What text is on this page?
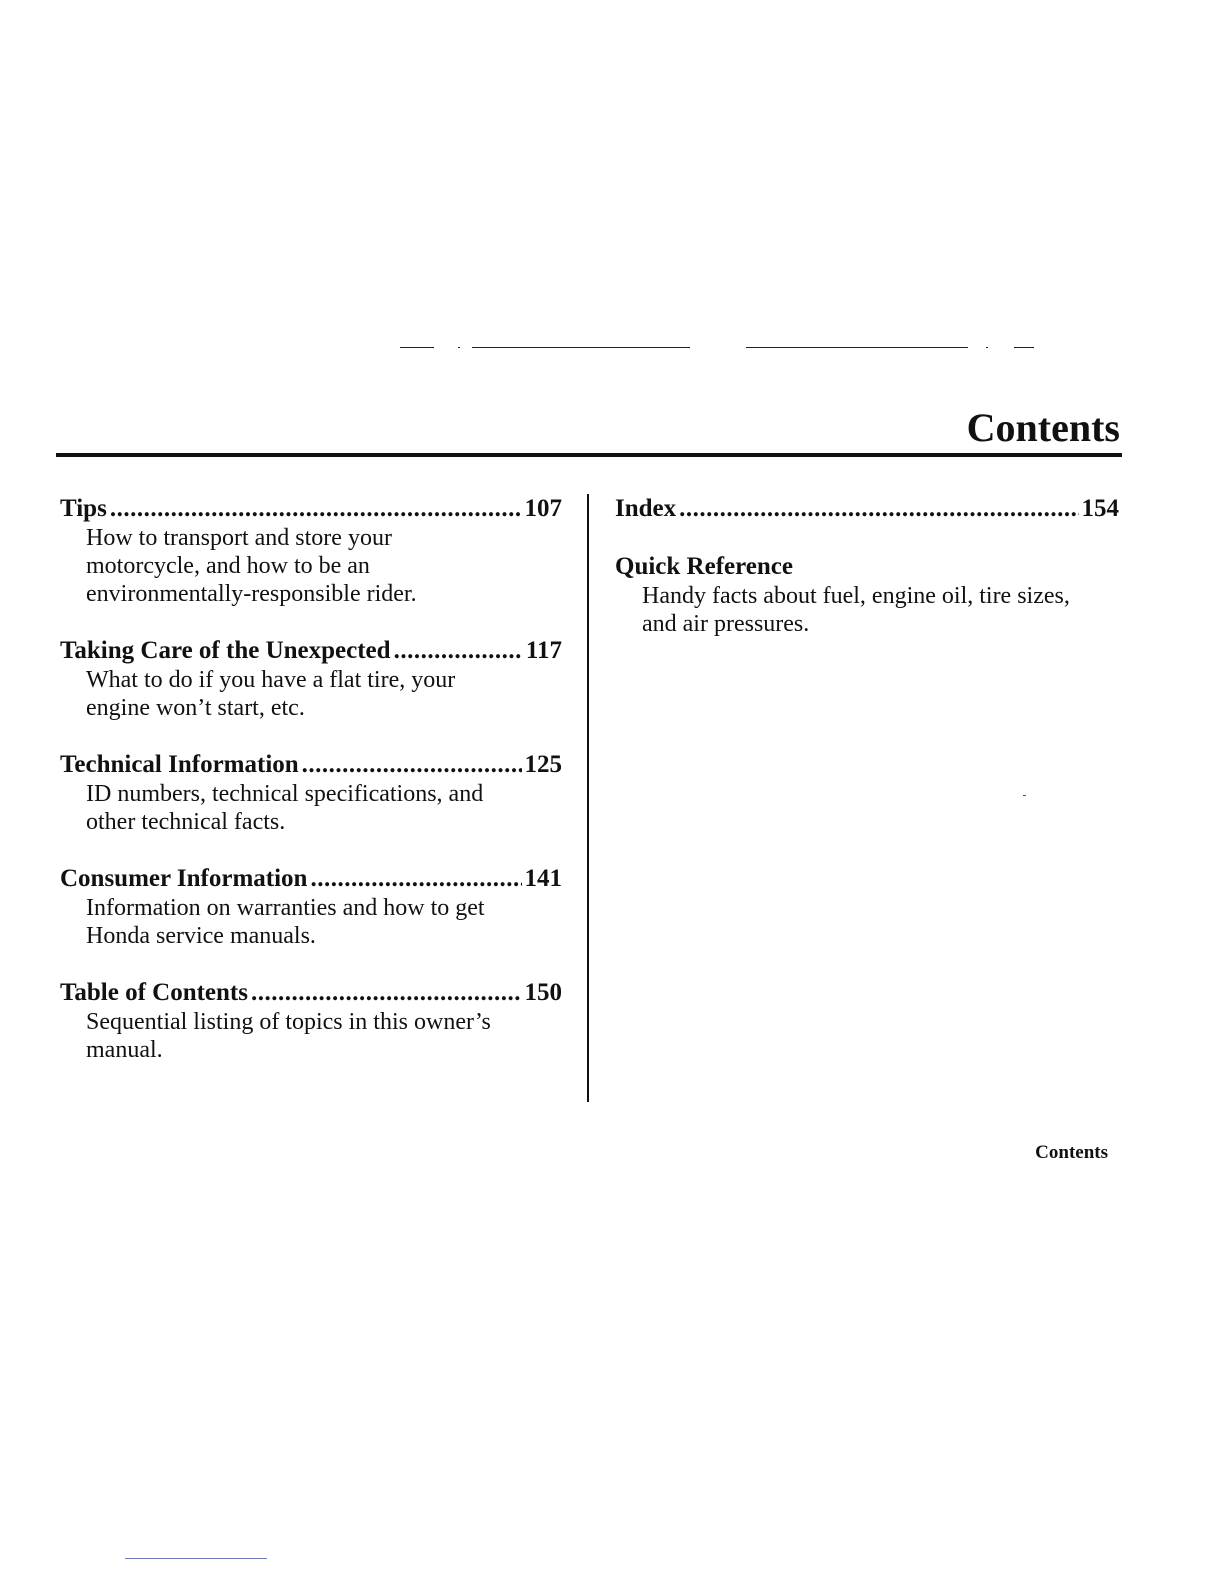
Contents
Tips .....	107

How to transport and store your
motorcycle, and how to be an
environmentally-responsible rider.

Taking Care of the Unexpected .....	117

What to do if you have a flat tire, your
engine won’t start, etc.

Technical Information .....	125

ID numbers, technical specifications, and
other technical facts.

Consumer Information .....	141

Information on warranties and how to get
Honda service manuals.

Table of Contents .....	150

Sequential listing of topics in this owner’s
manual.

Index .....	154
Quick Reference

Handy facts about fuel, engine oil, tire sizes,
and air pressures.

Contents
